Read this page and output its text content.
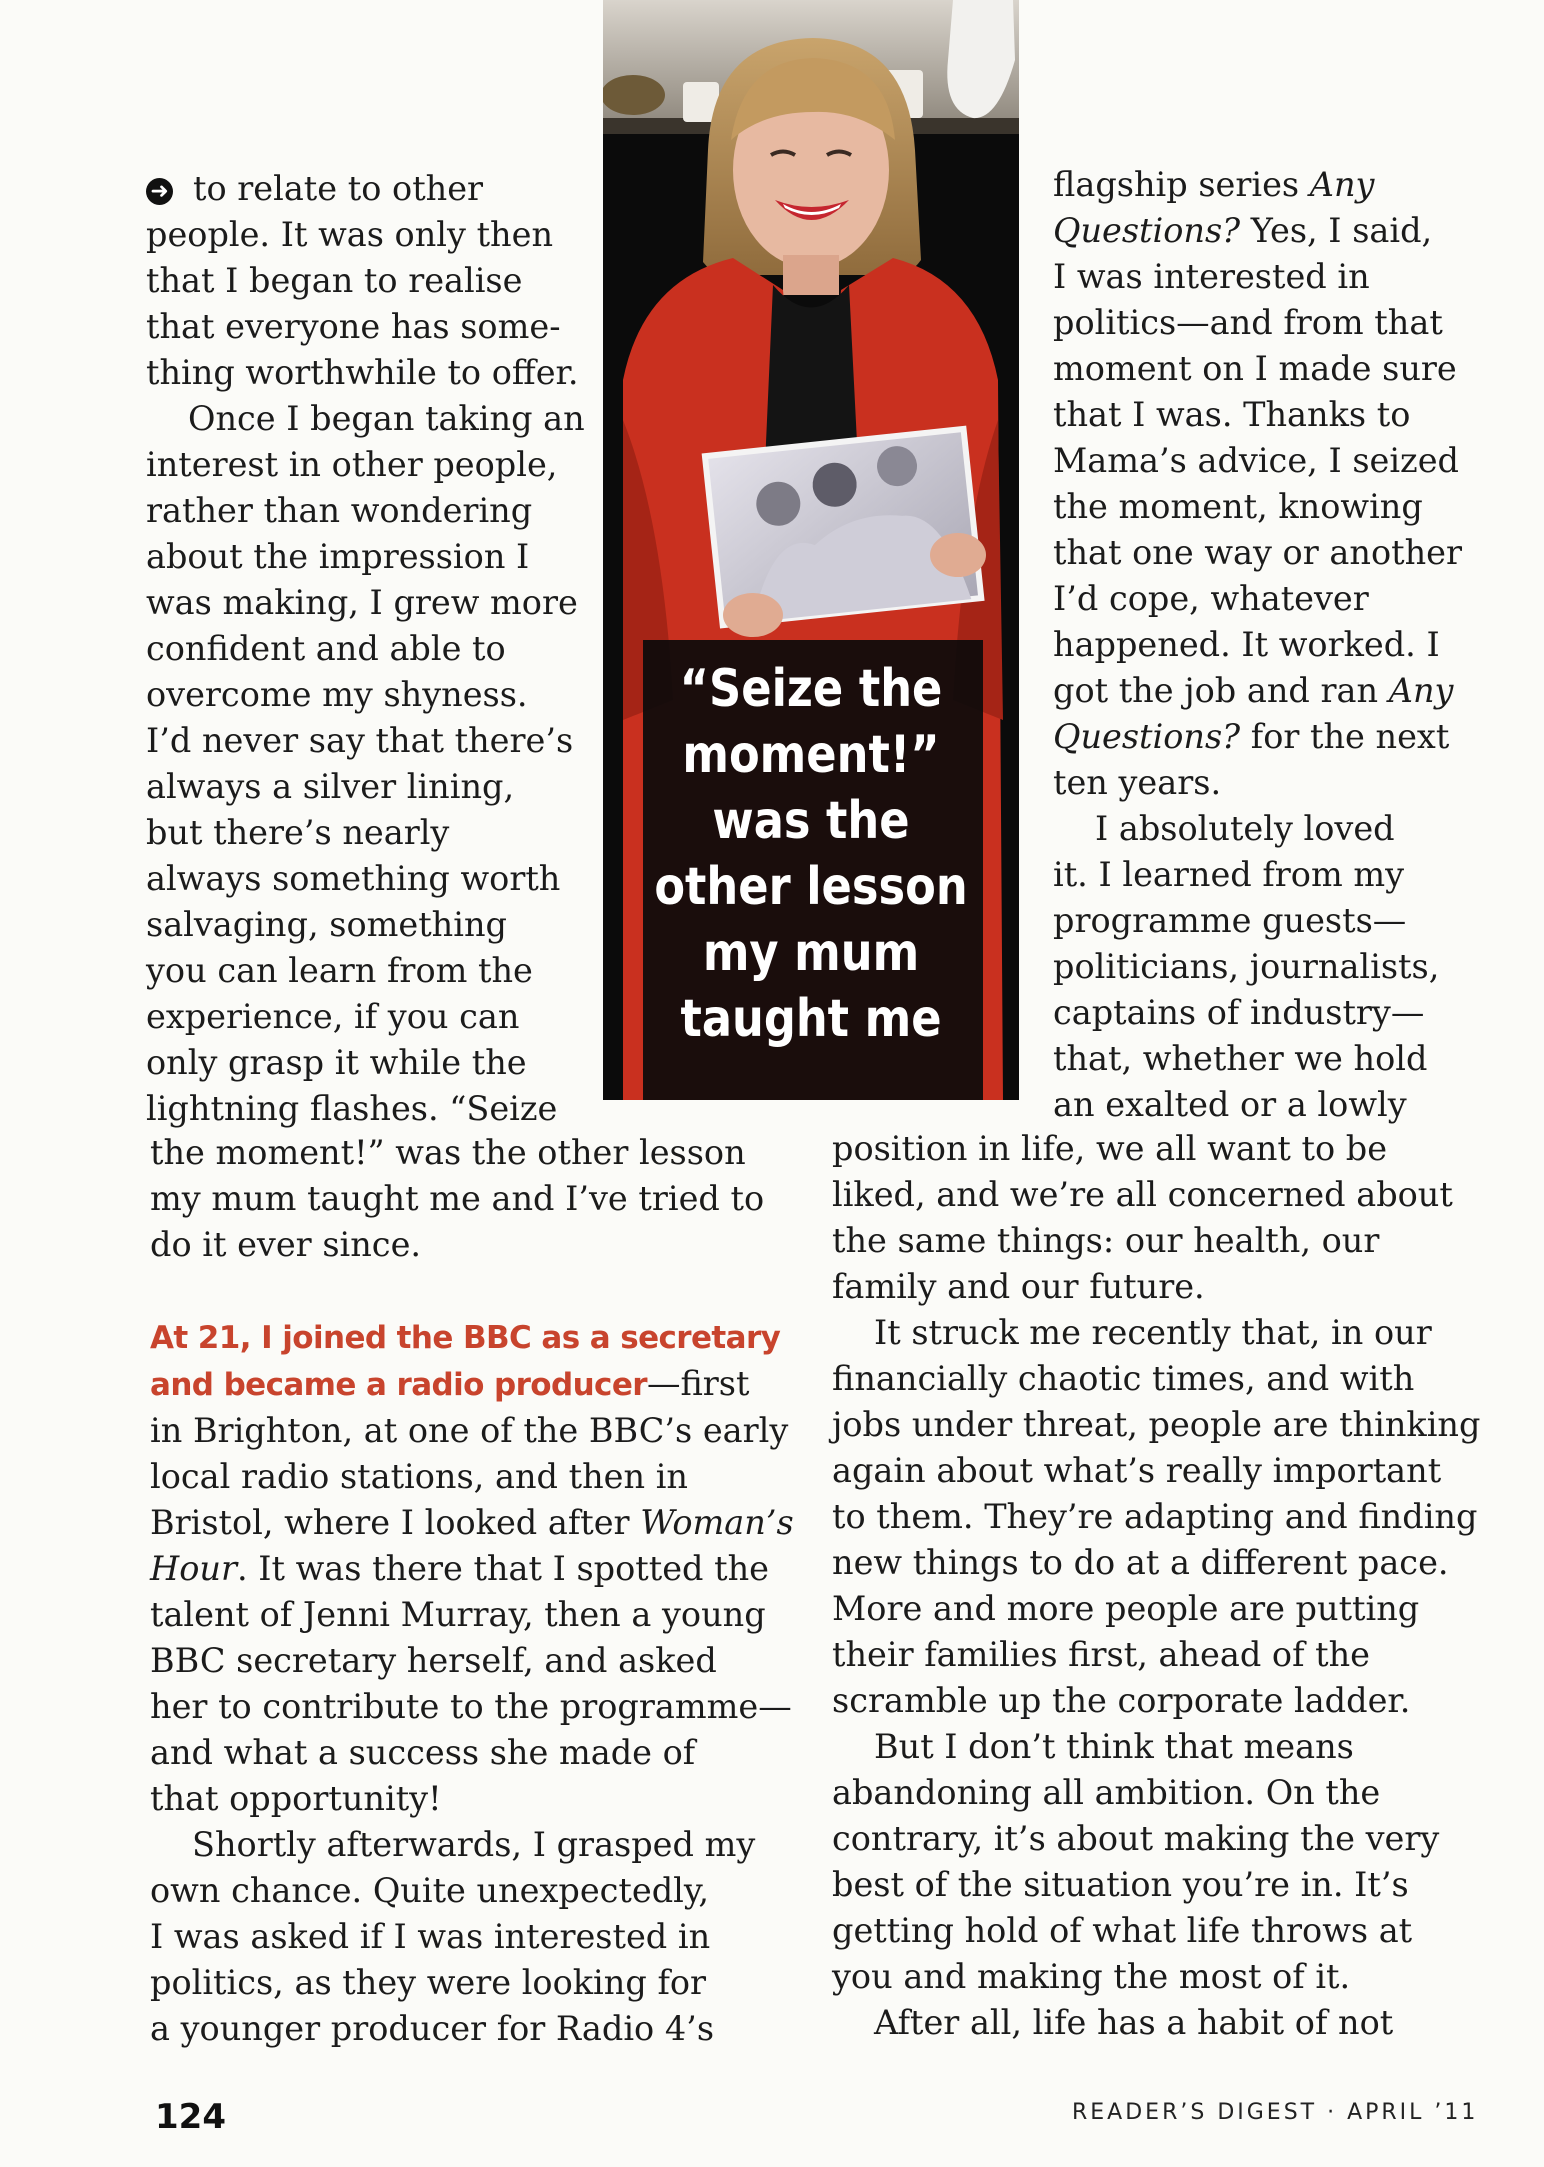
➜ to relate to other

people. It was only then

that I began to realise

that everyone has some-

thing worthwhile to offer.

Once I began taking an

interest in other people,

rather than wondering

about the impression I

was making, I grew more

confident and able to

overcome my shyness.

I’d never say that there’s

always a silver lining,

but there’s nearly

always something worth

salvaging, something

you can learn from the

experience, if you can

only grasp it while the

lightning flashes. “Seize

the moment!” was the other lesson

my mum taught me and I’ve tried to

do it ever since.

At 21, I joined the BBC as a secretary

and became a radio producer—first

in Brighton, at one of the BBC’s early

local radio stations, and then in

Bristol, where I looked after Woman’s

Hour. It was there that I spotted the

talent of Jenni Murray, then a young

BBC secretary herself, and asked

her to contribute to the programme—

and what a success she made of

that opportunity!

Shortly afterwards, I grasped my

own chance. Quite unexpectedly,

I was asked if I was interested in

politics, as they were looking for

a younger producer for Radio 4’s

flagship series Any

Questions? Yes, I said,

I was interested in

politics—and from that

moment on I made sure

that I was. Thanks to

Mama’s advice, I seized

the moment, knowing

that one way or another

I’d cope, whatever

happened. It worked. I

got the job and ran Any

Questions? for the next

ten years.

I absolutely loved

it. I learned from my

programme guests—

politicians, journalists,

captains of industry—

that, whether we hold

an exalted or a lowly

position in life, we all want to be

liked, and we’re all concerned about

the same things: our health, our

family and our future.

It struck me recently that, in our

financially chaotic times, and with

jobs under threat, people are thinking

again about what’s really important

to them. They’re adapting and finding

new things to do at a different pace.

More and more people are putting

their families first, ahead of the

scramble up the corporate ladder.

But I don’t think that means

abandoning all ambition. On the

contrary, it’s about making the very

best of the situation you’re in. It’s

getting hold of what life throws at

you and making the most of it.

After all, life has a habit of not

“Seize the
moment!”
was the
other lesson
my mum
taught me
124	READER’S DIGEST · APRIL ’11
